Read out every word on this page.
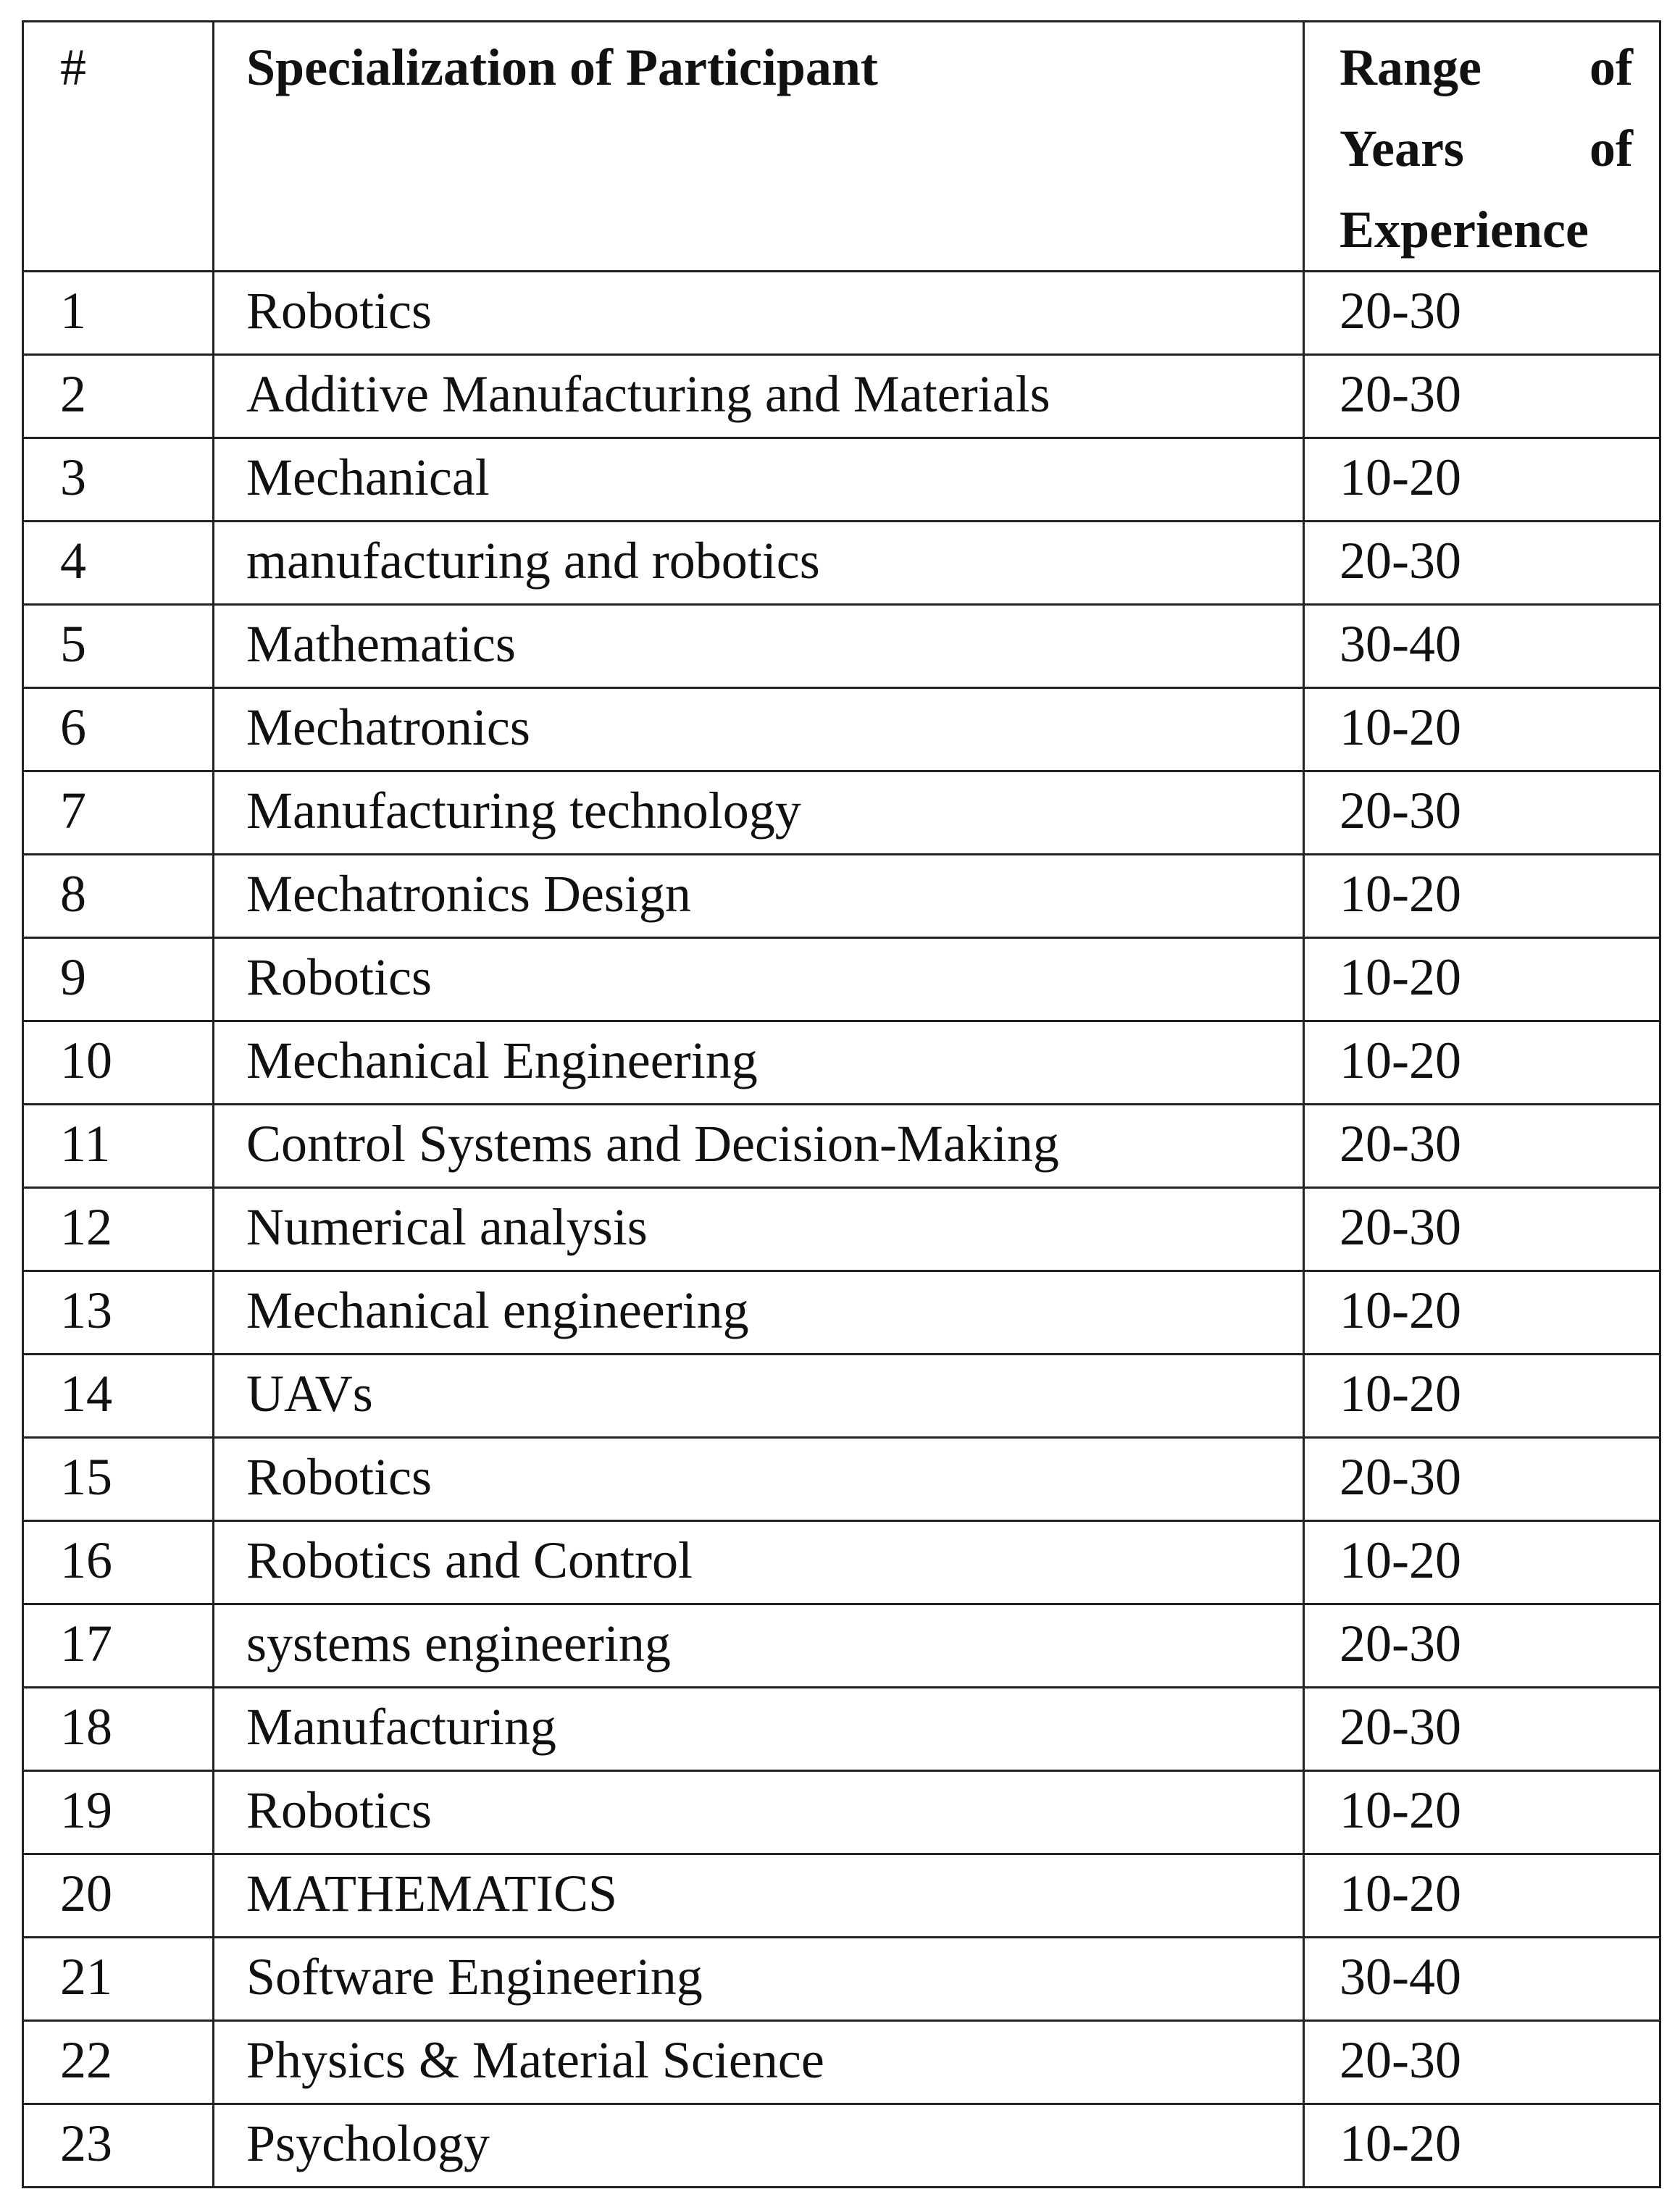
#	Specialization of Participant	Range of Years of Experience
1	Robotics	20-30
2	Additive Manufacturing and Materials	20-30
3	Mechanical	10-20
4	manufacturing and robotics	20-30
5	Mathematics	30-40
6	Mechatronics	10-20
7	Manufacturing technology	20-30
8	Mechatronics Design	10-20
9	Robotics	10-20
10	Mechanical Engineering	10-20
11	Control Systems and Decision-Making	20-30
12	Numerical analysis	20-30
13	Mechanical engineering	10-20
14	UAVs	10-20
15	Robotics	20-30
16	Robotics and Control	10-20
17	systems engineering	20-30
18	Manufacturing	20-30
19	Robotics	10-20
20	MATHEMATICS	10-20
21	Software Engineering	30-40
22	Physics & Material Science	20-30
23	Psychology	10-20
